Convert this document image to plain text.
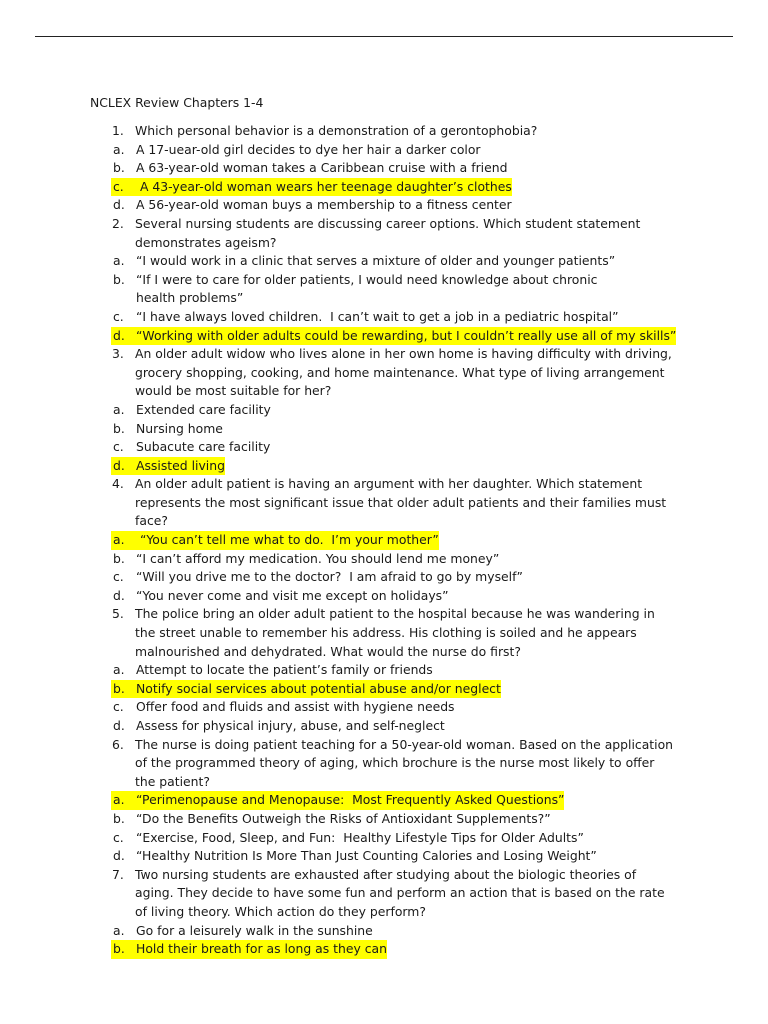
NCLEX Review Chapters 1-4
1. Which personal behavior is a demonstration of a gerontophobia?
a. A 17-uear-old girl decides to dye her hair a darker color
b. A 63-year-old woman takes a Caribbean cruise with a friend
c. A 43-year-old woman wears her teenage daughter’s clothes
d. A 56-year-old woman buys a membership to a fitness center
2. Several nursing students are discussing career options. Which student statement demonstrates ageism?
a. “I would work in a clinic that serves a mixture of older and younger patients”
b. “If I were to care for older patients, I would need knowledge about chronic health problems”
c. “I have always loved children.  I can’t wait to get a job in a pediatric hospital”
d. “Working with older adults could be rewarding, but I couldn’t really use all of my skills”
3. An older adult widow who lives alone in her own home is having difficulty with driving, grocery shopping, cooking, and home maintenance. What type of living arrangement would be most suitable for her?
a. Extended care facility
b. Nursing home
c. Subacute care facility
d. Assisted living
4. An older adult patient is having an argument with her daughter. Which statement represents the most significant issue that older adult patients and their families must face?
a. “You can’t tell me what to do.  I’m your mother”
b. “I can’t afford my medication. You should lend me money”
c. “Will you drive me to the doctor?  I am afraid to go by myself”
d. “You never come and visit me except on holidays”
5. The police bring an older adult patient to the hospital because he was wandering in the street unable to remember his address. His clothing is soiled and he appears malnourished and dehydrated. What would the nurse do first?
a. Attempt to locate the patient’s family or friends
b. Notify social services about potential abuse and/or neglect
c. Offer food and fluids and assist with hygiene needs
d. Assess for physical injury, abuse, and self-neglect
6. The nurse is doing patient teaching for a 50-year-old woman. Based on the application of the programmed theory of aging, which brochure is the nurse most likely to offer the patient?
a. “Perimenopause and Menopause:  Most Frequently Asked Questions”
b. “Do the Benefits Outweigh the Risks of Antioxidant Supplements?”
c. “Exercise, Food, Sleep, and Fun:  Healthy Lifestyle Tips for Older Adults”
d. “Healthy Nutrition Is More Than Just Counting Calories and Losing Weight”
7. Two nursing students are exhausted after studying about the biologic theories of aging. They decide to have some fun and perform an action that is based on the rate of living theory. Which action do they perform?
a. Go for a leisurely walk in the sunshine
b. Hold their breath for as long as they can
